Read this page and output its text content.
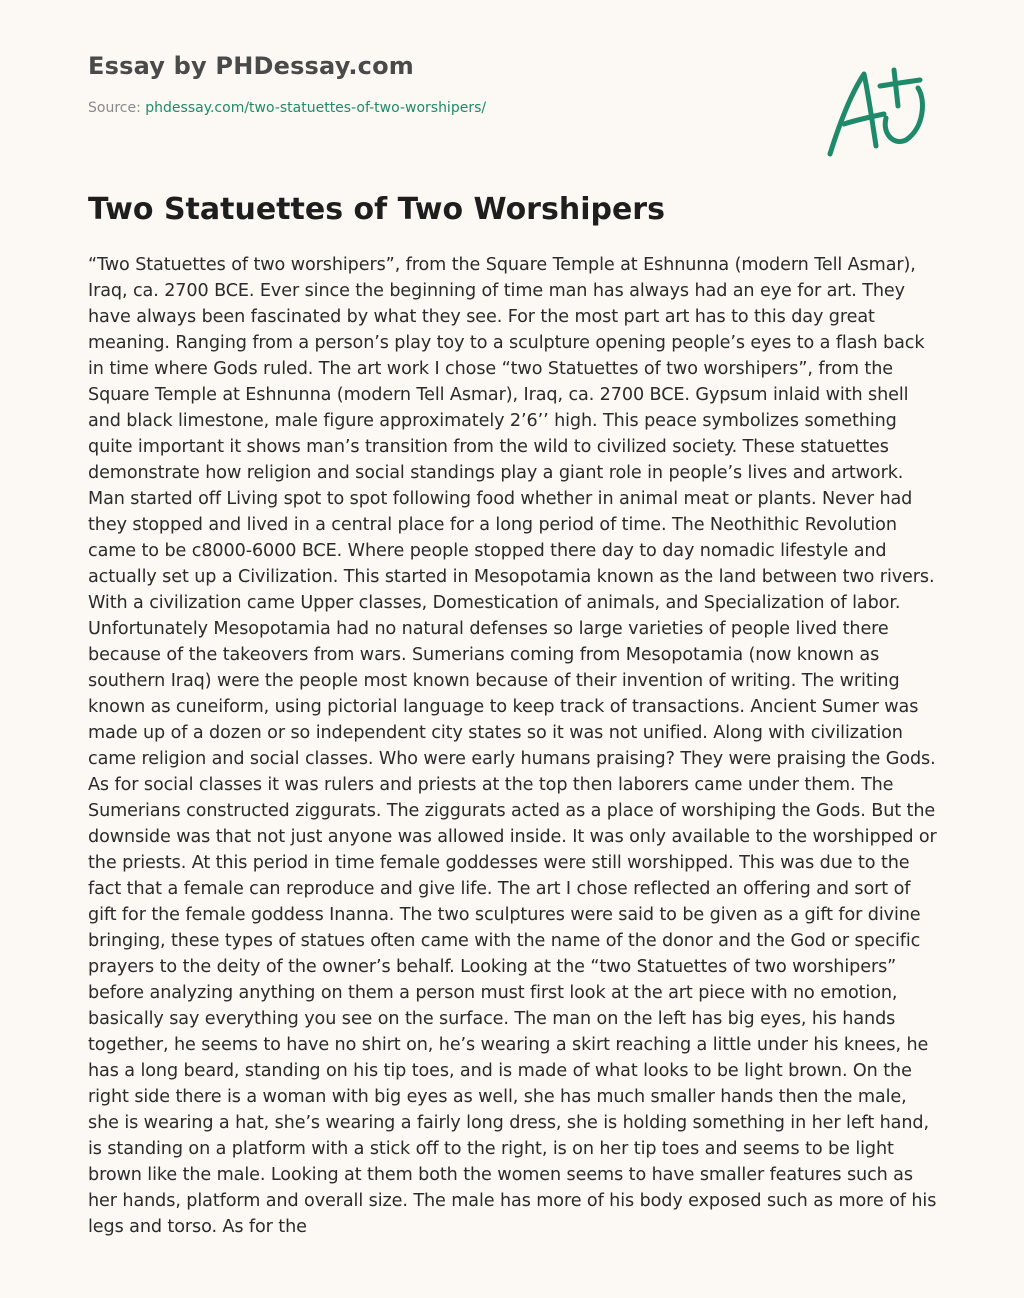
Essay by PHDessay.com
Source: phdessay.com/two-statuettes-of-two-worshipers/
Two Statuettes of Two Worshipers

“Two Statuettes of two worshipers”, from the Square Temple at Eshnunna (modern Tell Asmar), Iraq, ca. 2700 BCE. Ever since the beginning of time man has always had an eye for art. They have always been fascinated by what they see. For the most part art has to this day great meaning. Ranging from a person’s play toy to a sculpture opening people’s eyes to a flash back in time where Gods ruled. The art work I chose “two Statuettes of two worshipers”, from the Square Temple at Eshnunna (modern Tell Asmar), Iraq, ca. 2700 BCE. Gypsum inlaid with shell and black limestone, male figure approximately 2’6’’ high. This peace symbolizes something quite important it shows man’s transition from the wild to civilized society. These statuettes demonstrate how religion and social standings play a giant role in people’s lives and artwork. Man started off Living spot to spot following food whether in animal meat or plants. Never had they stopped and lived in a central place for a long period of time. The Neothithic Revolution came to be c8000-6000 BCE. Where people stopped there day to day nomadic lifestyle and actually set up a Civilization. This started in Mesopotamia known as the land between two rivers. With a civilization came Upper classes, Domestication of animals, and Specialization of labor. Unfortunately Mesopotamia had no natural defenses so large varieties of people lived there because of the takeovers from wars. Sumerians coming from Mesopotamia (now known as southern Iraq) were the people most known because of their invention of writing. The writing known as cuneiform, using pictorial language to keep track of transactions. Ancient Sumer was made up of a dozen or so independent city states so it was not unified. Along with civilization came religion and social classes. Who were early humans praising? They were praising the Gods. As for social classes it was rulers and priests at the top then laborers came under them. The Sumerians constructed ziggurats. The ziggurats acted as a place of worshiping the Gods. But the downside was that not just anyone was allowed inside. It was only available to the worshipped or the priests. At this period in time female goddesses were still worshipped. This was due to the fact that a female can reproduce and give life. The art I chose reflected an offering and sort of gift for the female goddess Inanna. The two sculptures were said to be given as a gift for divine bringing, these types of statues often came with the name of the donor and the God or specific prayers to the deity of the owner’s behalf. Looking at the “two Statuettes of two worshipers” before analyzing anything on them a person must first look at the art piece with no emotion, basically say everything you see on the surface. The man on the left has big eyes, his hands together, he seems to have no shirt on, he’s wearing a skirt reaching a little under his knees, he has a long beard, standing on his tip toes, and is made of what looks to be light brown. On the right side there is a woman with big eyes as well, she has much smaller hands then the male, she is wearing a hat, she’s wearing a fairly long dress, she is holding something in her left hand, is standing on a platform with a stick off to the right, is on her tip toes and seems to be light brown like the male. Looking at them both the women seems to have smaller features such as her hands, platform and overall size. The male has more of his body exposed such as more of his legs and torso. As for the
